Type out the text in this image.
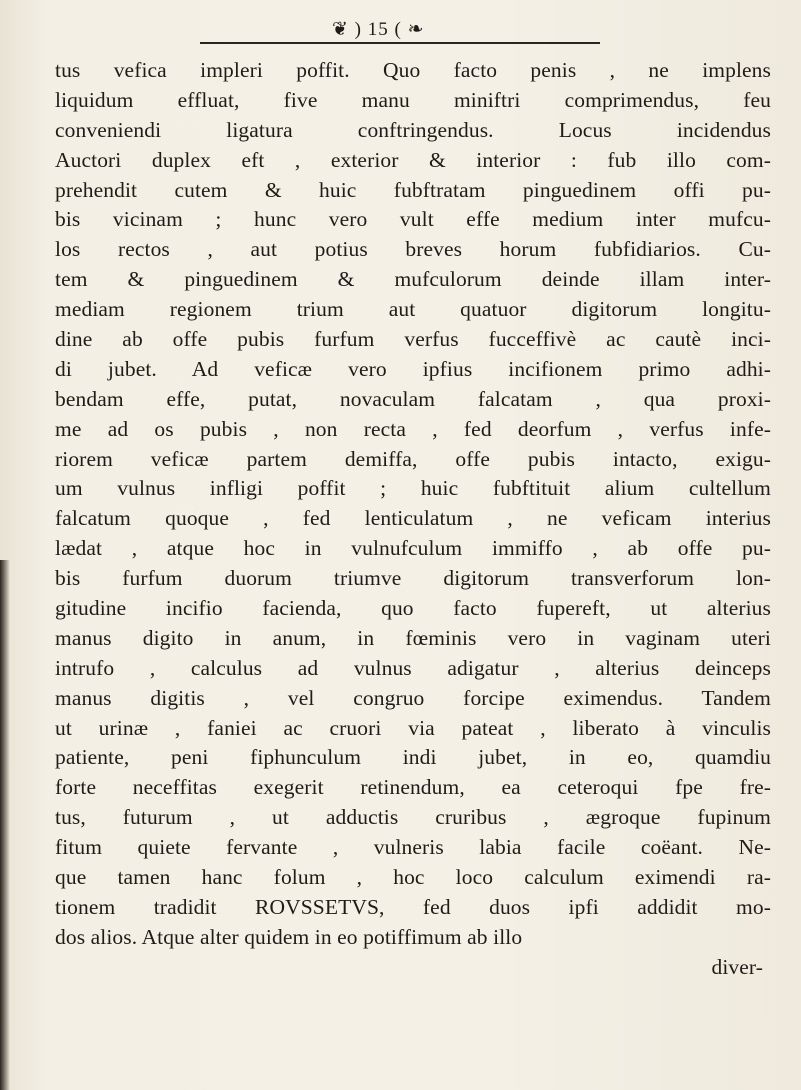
❦ ) 15 ( ❧
tus vefica impleri poffit. Quo facto penis , ne implens
liquidum effluat, five manu miniftri comprimendus, feu
conveniendi ligatura conftringendus. Locus incidendus
Auctori duplex eft , exterior & interior : fub illo com-
prehendit cutem & huic fubftratam pinguedinem offi pu-
bis vicinam ; hunc vero vult effe medium inter mufcu-
los rectos , aut potius breves horum fubfidiarios. Cu-
tem & pinguedinem & mufculorum deinde illam inter-
mediam regionem trium aut quatuor digitorum longitu-
dine ab offe pubis furfum verfus fucceffivè ac cautè inci-
di jubet. Ad veficæ vero ipfius incifionem primo adhi-
bendam effe, putat, novaculam falcatam , qua proxi-
me ad os pubis , non recta , fed deorfum , verfus infe-
riorem veficæ partem demiffa, offe pubis intacto, exigu-
um vulnus infligi poffit ; huic fubftituit alium cultellum
falcatum quoque , fed lenticulatum , ne veficam interius
lædat , atque hoc in vulnufculum immiffo , ab offe pu-
bis furfum duorum triumve digitorum transverforum lon-
gitudine incifio facienda, quo facto fupereft, ut alterius
manus digito in anum, in fœminis vero in vaginam uteri
intrufo , calculus ad vulnus adigatur , alterius deinceps
manus digitis , vel congruo forcipe eximendus. Tandem
ut urinæ , faniei ac cruori via pateat , liberato à vinculis
patiente, peni fiphunculum indi jubet, in eo, quamdiu
forte neceffitas exegerit retinendum, ea ceteroqui fpe fre-
tus, futurum , ut adductis cruribus , ægroque fupinum
fitum quiete fervante , vulneris labia facile coëant. Ne-
que tamen hanc folum , hoc loco calculum eximendi ra-
tionem tradidit ROVSSETVS, fed duos ipfi addidit mo-
dos alios. Atque alter quidem in eo potiffimum ab illo
diver-
